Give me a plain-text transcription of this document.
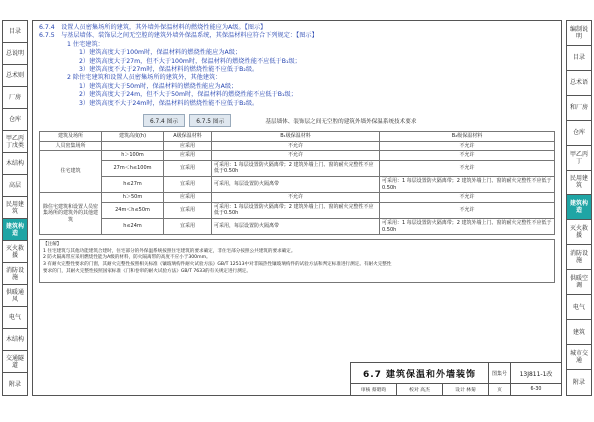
目录
总说明
总术则
厂房
仓库
甲乙丙丁戊类
木结构
高层
民用建筑
建筑构造
灭火救援
消防设施
供暖通风
电气
木结构
交通隧道
附录
编制说明
目录
总术语
和厂房
仓库
甲乙丙丁
民用建筑
建筑构造
灭火救援
消防设施
供暖空调
电气
建筑
城市交通
附录
6.7.4	设置人员密集场所的建筑，其外墙外保温材料的燃烧性能应为A级。【图示】
6.7.5	与基层墙体、装饰层之间无空腔的建筑外墙外保温系统，其保温材料应符合下列规定：【图示】
1 住宅建筑：
1）建筑高度大于100m时，保温材料的燃烧性能应为A级；
2）建筑高度大于27m，但不大于100m时，保温材料的燃烧性能不应低于B₁级；
3）建筑高度不大于27m时，保温材料的燃烧性能不应低于B₂级。
2 除住宅建筑和设置人员密集场所的建筑外，其他建筑：
1）建筑高度大于50m时，保温材料的燃烧性能应为A级；
2）建筑高度大于24m，但不大于50m时，保温材料的燃烧性能不应低于B₁级；
3）建筑高度不大于24m时，保温材料的燃烧性能不应低于B₂级。
6.7.4 图示	6.7.5 图示	基层墙体、装饰层之间无空腔的建筑外墙外保温系统技术要求
建筑及场所	建筑高度(h)	A级保温材料	B₁级保温材料	B₂级保温材料
人员密集场所		应采用	不允许	不允许
住宅建筑	h＞100m	应采用	不允许	不允许
	27m＜h≤100m	宜采用	可采用：1 每层设置防火隔离带；2 建筑外墙上门、窗的耐火完整性不应低于0.50h	不允许
	h≤27m	宜采用	可采用，每层设置防火隔离带	可采用：1 每层设置防火隔离带；2 建筑外墙上门、窗的耐火完整性不应低于0.50h
除住宅建筑和设置人员密集场所的建筑外的其他建筑	h＞50m	应采用	不允许	不允许
	24m＜h≤50m	宜采用	可采用：1 每层设置防火隔离带；2 建筑外墙上门、窗的耐火完整性不应低于0.50h	不允许
	h≤24m	宜采用	可采用，每层设置防火隔离带	可采用：1 每层设置防火隔离带；2 建筑外墙上门、窗的耐火完整性不应低于0.50h
【注解】
1 住宅建筑与其他功能建筑合建时，住宅部分的外保温系统按照住宅建筑的要求确定，非住宅部分按照公共建筑的要求确定。
2 防火隔离带应采用燃烧性能为A级的材料，防火隔离带的高度不应小于300mm。
3 有耐火完整性要求的门窗，其耐火完整性按照相关标准《镶玻璃构件耐火试验方法》GB/T 12513中对非隔热性镶玻璃构件的试验方法和判定标准进行测定。有耐火完整性
要求的门，其耐火完整性按照国家标准《门和卷帘的耐火试验方法》GB/T 7633的有关规定进行测定。
6.7 建筑保温和外墙装饰	图集号	13J811-1改
审核 蔡昭昀	校对 高杰	设计 林菊	页	6-30
